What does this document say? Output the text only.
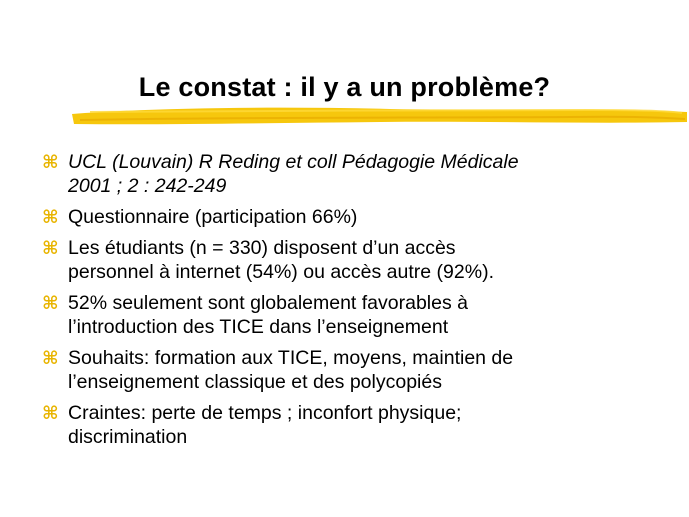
Le constat : il y a un problème?
⌘ UCL (Louvain) R Reding et coll Pédagogie Médicale
2001 ; 2 : 242-249
⌘ Questionnaire (participation 66%)
⌘ Les étudiants (n = 330) disposent d’un accès
personnel à internet (54%) ou accès autre (92%).
⌘ 52% seulement sont globalement favorables à
l’introduction des TICE dans l’enseignement
⌘ Souhaits: formation aux TICE, moyens, maintien de
l’enseignement classique et des polycopiés
⌘ Craintes: perte de temps ; inconfort physique;
discrimination
